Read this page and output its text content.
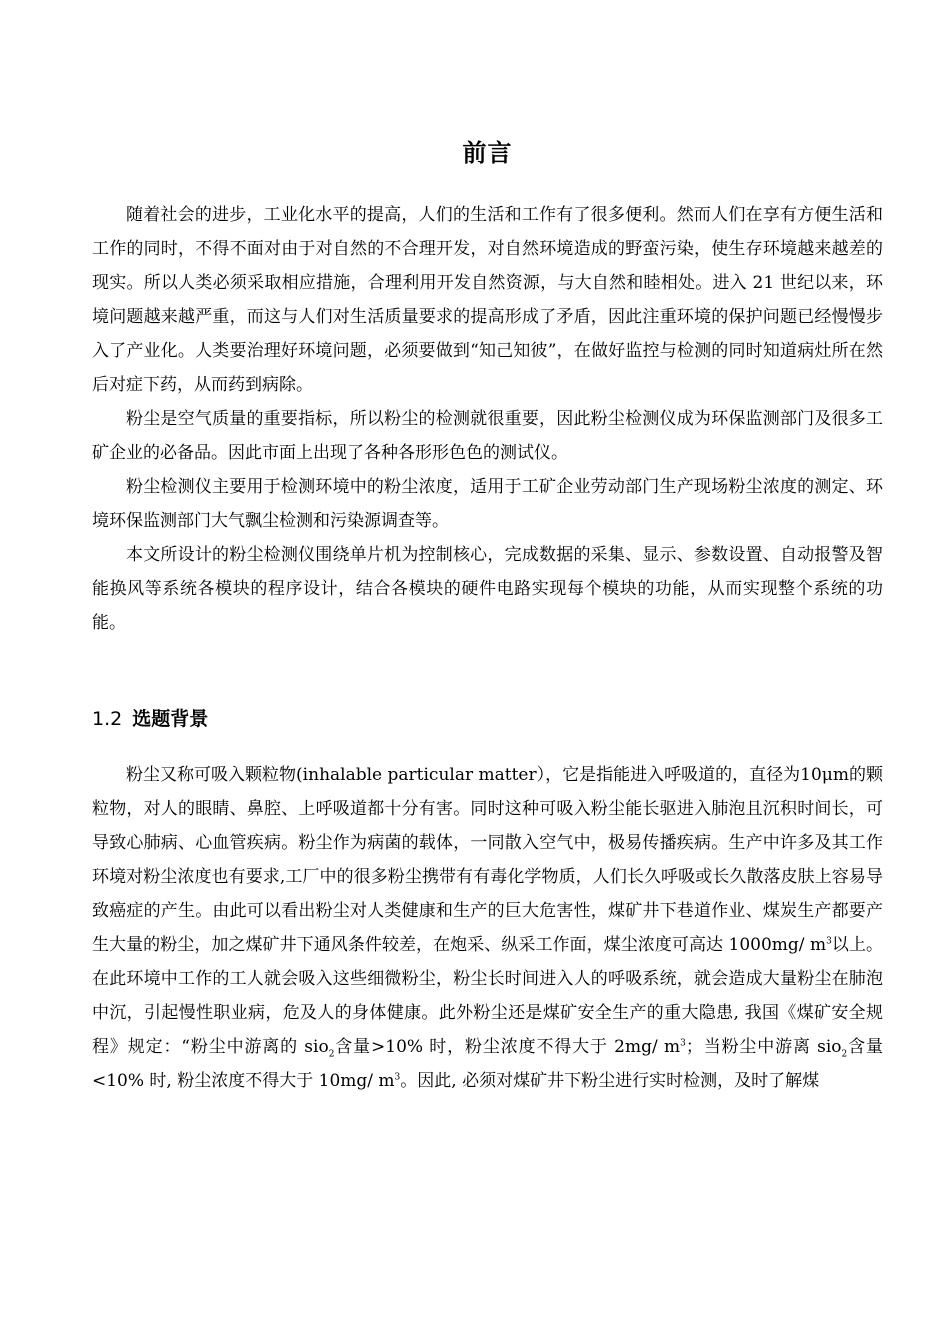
前言

随着社会的进步，工业化水平的提高，人们的生活和工作有了很多便利。然而人们在享有方便生活和工作的同时，不得不面对由于对自然的不合理开发，对自然环境造成的野蛮污染，使生存环境越来越差的现实。所以人类必须采取相应措施，合理利用开发自然资源，与大自然和睦相处。进入 21 世纪以来，环境问题越来越严重，而这与人们对生活质量要求的提高形成了矛盾，因此注重环境的保护问题已经慢慢步入了产业化。人类要治理好环境问题，必须要做到“知己知彼”，在做好监控与检测的同时知道病灶所在然后对症下药，从而药到病除。

粉尘是空气质量的重要指标，所以粉尘的检测就很重要，因此粉尘检测仪成为环保监测部门及很多工矿企业的必备品。因此市面上出现了各种各形形色色的测试仪。

粉尘检测仪主要用于检测环境中的粉尘浓度，适用于工矿企业劳动部门生产现场粉尘浓度的测定、环境环保监测部门大气飘尘检测和污染源调查等。

本文所设计的粉尘检测仪围绕单片机为控制核心，完成数据的采集、显示、参数设置、自动报警及智能换风等系统各模块的程序设计，结合各模块的硬件电路实现每个模块的功能，从而实现整个系统的功能。

1.2 选题背景

粉尘又称可吸入颗粒物(inhalable particular matter），它是指能进入呼吸道的，直径为10μm的颗粒物，对人的眼睛、鼻腔、上呼吸道都十分有害。同时这种可吸入粉尘能长驱进入肺泡且沉积时间长，可导致心肺病、心血管疾病。粉尘作为病菌的载体，一同散入空气中，极易传播疾病。生产中许多及其工作环境对粉尘浓度也有要求,工厂中的很多粉尘携带有有毒化学物质，人们长久呼吸或长久散落皮肤上容易导致癌症的产生。由此可以看出粉尘对人类健康和生产的巨大危害性，煤矿井下巷道作业、煤炭生产都要产生大量的粉尘，加之煤矿井下通风条件较差，在炮采、纵采工作面，煤尘浓度可高达 1000mg/ $m^3$以上。在此环境中工作的工人就会吸入这些细微粉尘，粉尘长时间进入人的呼吸系统，就会造成大量粉尘在肺泡中沉，引起慢性职业病，危及人的身体健康。此外粉尘还是煤矿安全生产的重大隐患, 我国《煤矿安全规程》规定：“粉尘中游离的 sio$_2$含量>10% 时，粉尘浓度不得大于 2mg/ $m^3$；当粉尘中游离 sio$_2$含量<10% 时, 粉尘浓度不得大于 10mg/ $m^3$。因此, 必须对煤矿井下粉尘进行实时检测，及时了解煤
